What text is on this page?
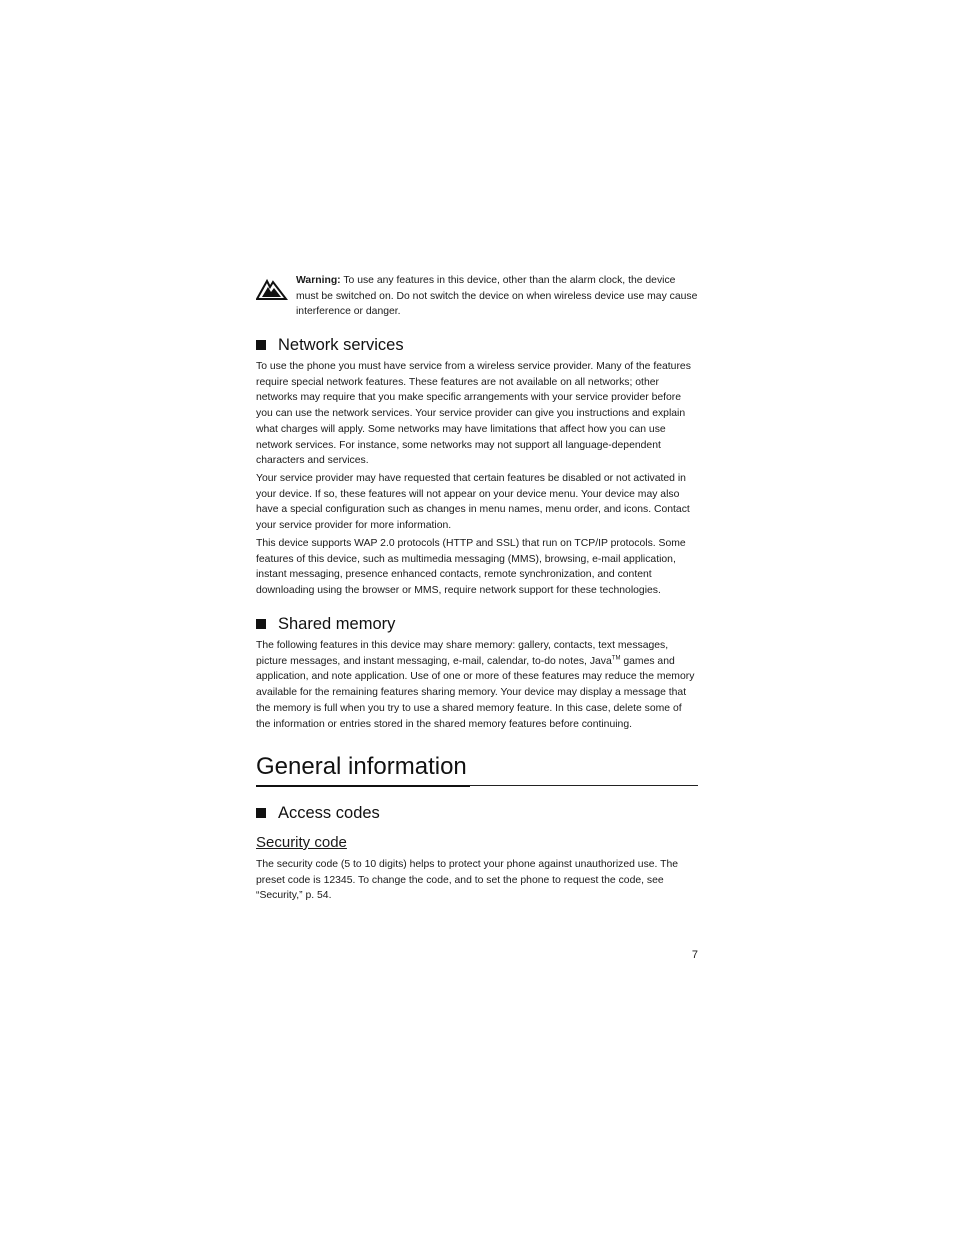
Warning: To use any features in this device, other than the alarm clock, the device must be switched on. Do not switch the device on when wireless device use may cause interference or danger.

Network services

To use the phone you must have service from a wireless service provider. Many of the features require special network features. These features are not available on all networks; other networks may require that you make specific arrangements with your service provider before you can use the network services. Your service provider can give you instructions and explain what charges will apply. Some networks may have limitations that affect how you can use network services. For instance, some networks may not support all language-dependent characters and services.

Your service provider may have requested that certain features be disabled or not activated in your device. If so, these features will not appear on your device menu. Your device may also have a special configuration such as changes in menu names, menu order, and icons. Contact your service provider for more information.

This device supports WAP 2.0 protocols (HTTP and SSL) that run on TCP/IP protocols. Some features of this device, such as multimedia messaging (MMS), browsing, e-mail application, instant messaging, presence enhanced contacts, remote synchronization, and content downloading using the browser or MMS, require network support for these technologies.

Shared memory

The following features in this device may share memory: gallery, contacts, text messages, picture messages, and instant messaging, e-mail, calendar, to-do notes, Java™ games and application, and note application. Use of one or more of these features may reduce the memory available for the remaining features sharing memory. Your device may display a message that the memory is full when you try to use a shared memory feature. In this case, delete some of the information or entries stored in the shared memory features before continuing.

General information
Access codes
Security code

The security code (5 to 10 digits) helps to protect your phone against unauthorized use. The preset code is 12345. To change the code, and to set the phone to request the code, see “Security,” p. 54.

7
